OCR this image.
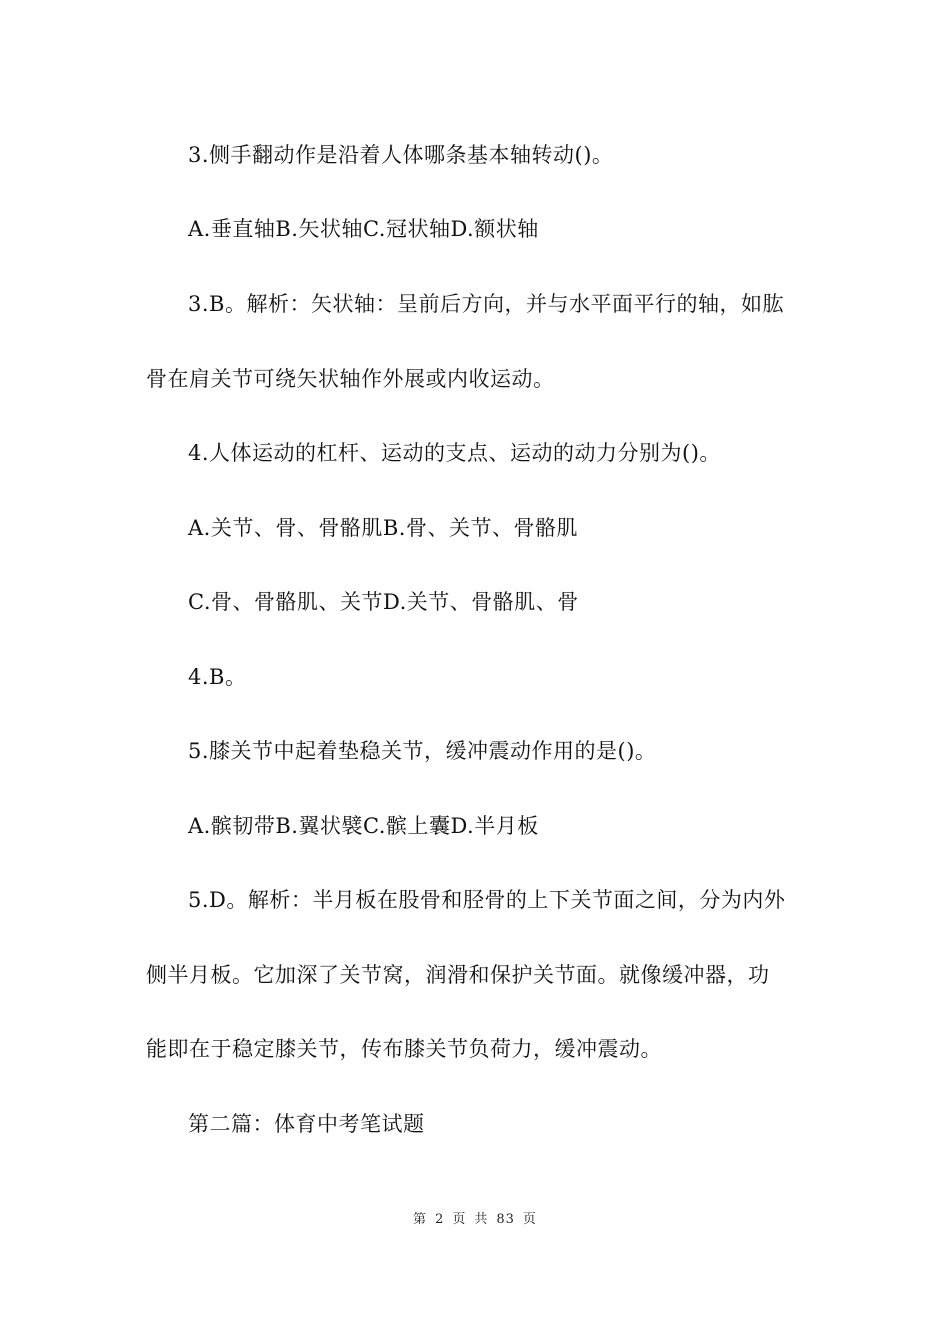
3.侧手翻动作是沿着人体哪条基本轴转动()。
A.垂直轴B.矢状轴C.冠状轴D.额状轴
3.B。解析：矢状轴：呈前后方向，并与水平面平行的轴，如肱
骨在肩关节可绕矢状轴作外展或内收运动。
4.人体运动的杠杆、运动的支点、运动的动力分别为()。
A.关节、骨、骨骼肌B.骨、关节、骨骼肌
C.骨、骨骼肌、关节D.关节、骨骼肌、骨
4.B。
5.膝关节中起着垫稳关节，缓冲震动作用的是()。
A.髌韧带B.翼状襞C.髌上囊D.半月板
5.D。解析：半月板在股骨和胫骨的上下关节面之间，分为内外
侧半月板。它加深了关节窝，润滑和保护关节面。就像缓冲器，功
能即在于稳定膝关节，传布膝关节负荷力，缓冲震动。
第二篇：体育中考笔试题
第 2 页 共 83 页
